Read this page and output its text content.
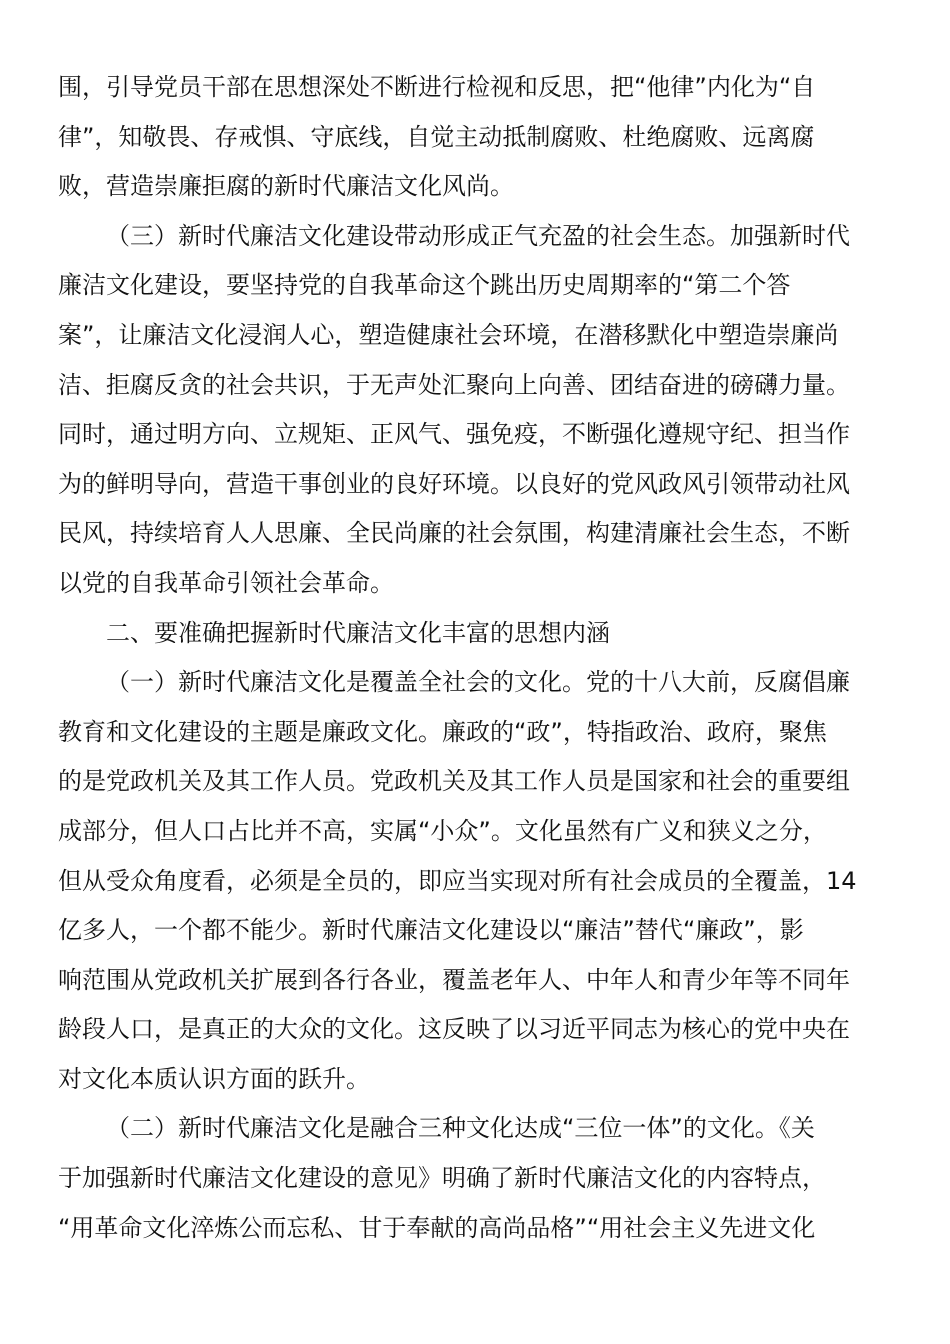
围，引导党员干部在思想深处不断进行检视和反思，把“他律”内化为“自
律”，知敬畏、存戒惧、守底线，自觉主动抵制腐败、杜绝腐败、远离腐
败，营造崇廉拒腐的新时代廉洁文化风尚。
（三）新时代廉洁文化建设带动形成正气充盈的社会生态。加强新时代
廉洁文化建设，要坚持党的自我革命这个跳出历史周期率的“第二个答
案”，让廉洁文化浸润人心，塑造健康社会环境，在潜移默化中塑造崇廉尚
洁、拒腐反贪的社会共识，于无声处汇聚向上向善、团结奋进的磅礴力量。
同时，通过明方向、立规矩、正风气、强免疫，不断强化遵规守纪、担当作
为的鲜明导向，营造干事创业的良好环境。以良好的党风政风引领带动社风
民风，持续培育人人思廉、全民尚廉的社会氛围，构建清廉社会生态，不断
以党的自我革命引领社会革命。
二、要准确把握新时代廉洁文化丰富的思想内涵
（一）新时代廉洁文化是覆盖全社会的文化。党的十八大前，反腐倡廉
教育和文化建设的主题是廉政文化。廉政的“政”，特指政治、政府，聚焦
的是党政机关及其工作人员。党政机关及其工作人员是国家和社会的重要组
成部分，但人口占比并不高，实属“小众”。文化虽然有广义和狭义之分，
但从受众角度看，必须是全员的，即应当实现对所有社会成员的全覆盖，14
亿多人，一个都不能少。新时代廉洁文化建设以“廉洁”替代“廉政”，影
响范围从党政机关扩展到各行各业，覆盖老年人、中年人和青少年等不同年
龄段人口，是真正的大众的文化。这反映了以习近平同志为核心的党中央在
对文化本质认识方面的跃升。
（二）新时代廉洁文化是融合三种文化达成“三位一体”的文化。《关
于加强新时代廉洁文化建设的意见》明确了新时代廉洁文化的内容特点，
“用革命文化淬炼公而忘私、甘于奉献的高尚品格”“用社会主义先进文化
